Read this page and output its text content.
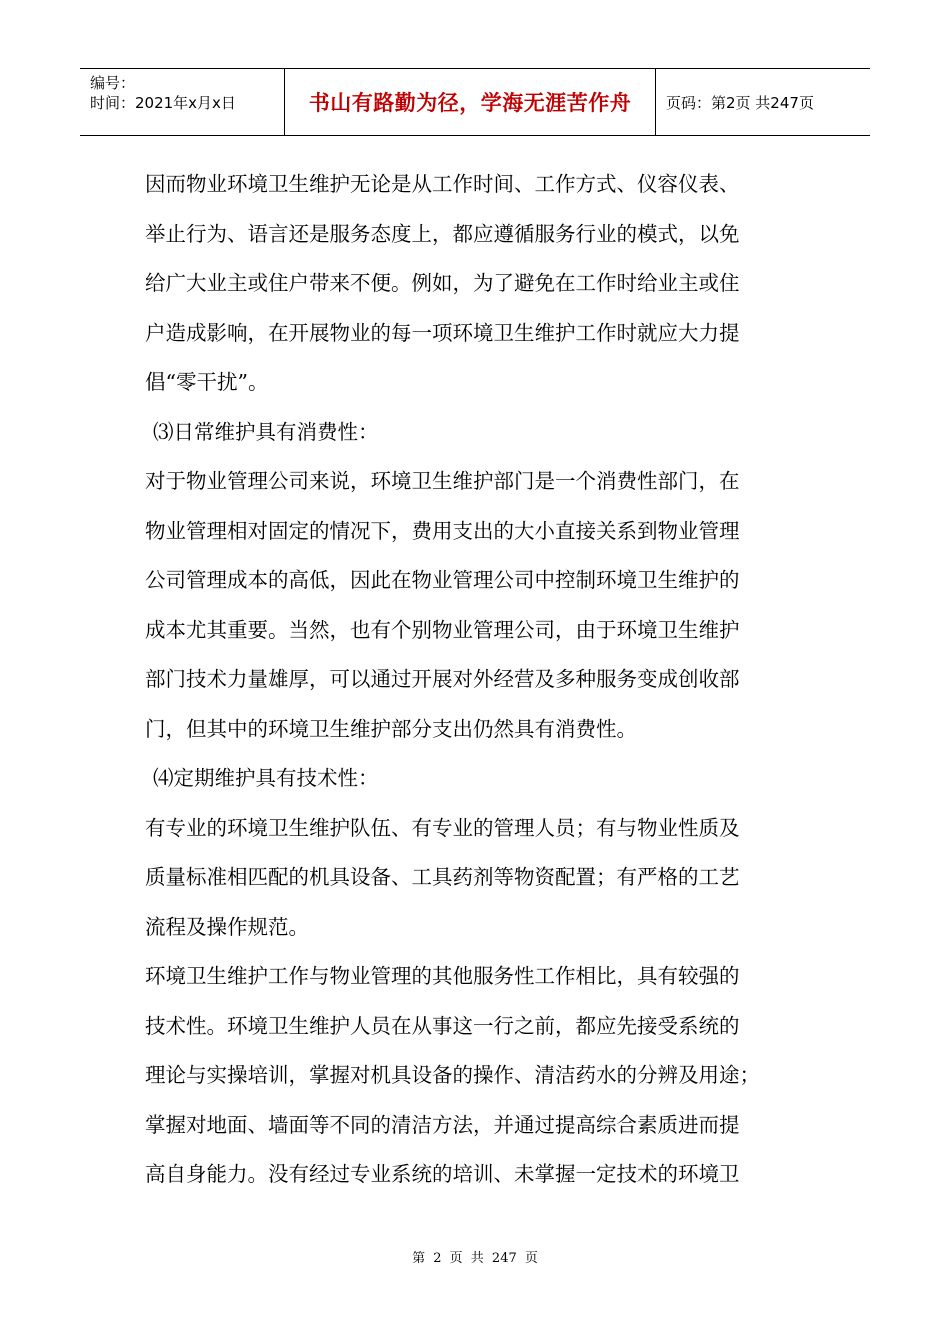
编号：
时间：2021年x月x日	书山有路勤为径，学海无涯苦作舟	页码：第2页 共247页
因而物业环境卫生维护无论是从工作时间、工作方式、仪容仪表、
举止行为、语言还是服务态度上，都应遵循服务行业的模式，以免
给广大业主或住户带来不便。例如，为了避免在工作时给业主或住
户造成影响，在开展物业的每一项环境卫生维护工作时就应大力提
倡“零干扰”。
⑶日常维护具有消费性：
对于物业管理公司来说，环境卫生维护部门是一个消费性部门，在
物业管理相对固定的情况下，费用支出的大小直接关系到物业管理
公司管理成本的高低，因此在物业管理公司中控制环境卫生维护的
成本尤其重要。当然，也有个别物业管理公司，由于环境卫生维护
部门技术力量雄厚，可以通过开展对外经营及多种服务变成创收部
门，但其中的环境卫生维护部分支出仍然具有消费性。
⑷定期维护具有技术性：
有专业的环境卫生维护队伍、有专业的管理人员；有与物业性质及
质量标准相匹配的机具设备、工具药剂等物资配置；有严格的工艺
流程及操作规范。
环境卫生维护工作与物业管理的其他服务性工作相比，具有较强的
技术性。环境卫生维护人员在从事这一行之前，都应先接受系统的
理论与实操培训，掌握对机具设备的操作、清洁药水的分辨及用途；
掌握对地面、墙面等不同的清洁方法，并通过提高综合素质进而提
高自身能力。没有经过专业系统的培训、未掌握一定技术的环境卫
第 2 页 共 247 页
